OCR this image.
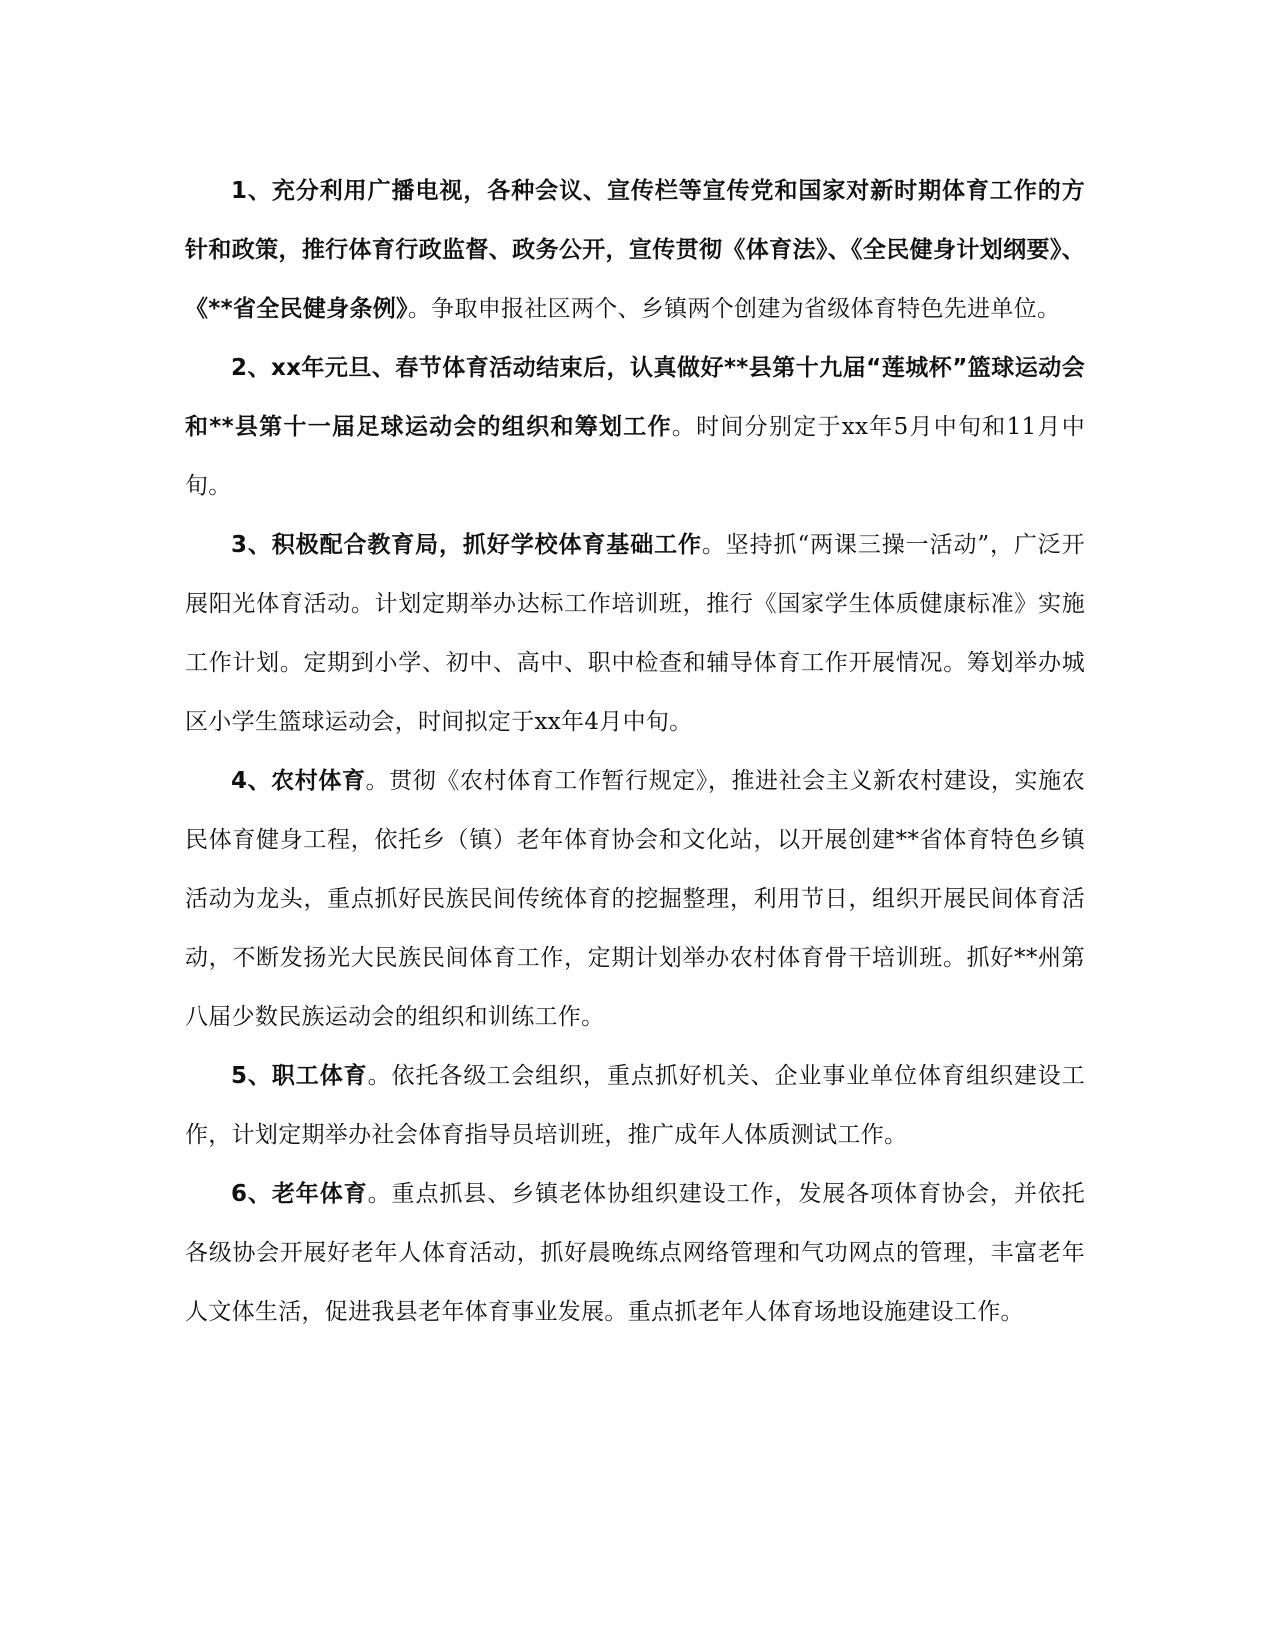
1、充分利用广播电视，各种会议、宣传栏等宣传党和国家对新时期体育工作的方针和政策，推行体育行政监督、政务公开，宣传贯彻《体育法》、《全民健身计划纲要》、《**省全民健身条例》。争取申报社区两个、乡镇两个创建为省级体育特色先进单位。

2、xx年元旦、春节体育活动结束后，认真做好**县第十九届“莲城杯”篮球运动会和**县第十一届足球运动会的组织和筹划工作。时间分别定于xx年5月中旬和11月中旬。

3、积极配合教育局，抓好学校体育基础工作。坚持抓“两课三操一活动”，广泛开展阳光体育活动。计划定期举办达标工作培训班，推行《国家学生体质健康标准》实施工作计划。定期到小学、初中、高中、职中检查和辅导体育工作开展情况。筹划举办城区小学生篮球运动会，时间拟定于xx年4月中旬。

4、农村体育。贯彻《农村体育工作暂行规定》，推进社会主义新农村建设，实施农民体育健身工程，依托乡（镇）老年体育协会和文化站，以开展创建**省体育特色乡镇活动为龙头，重点抓好民族民间传统体育的挖掘整理，利用节日，组织开展民间体育活动，不断发扬光大民族民间体育工作，定期计划举办农村体育骨干培训班。抓好**州第八届少数民族运动会的组织和训练工作。

5、职工体育。依托各级工会组织，重点抓好机关、企业事业单位体育组织建设工作，计划定期举办社会体育指导员培训班，推广成年人体质测试工作。

6、老年体育。重点抓县、乡镇老体协组织建设工作，发展各项体育协会，并依托各级协会开展好老年人体育活动，抓好晨晚练点网络管理和气功网点的管理，丰富老年人文体生活，促进我县老年体育事业发展。重点抓老年人体育场地设施建设工作。
